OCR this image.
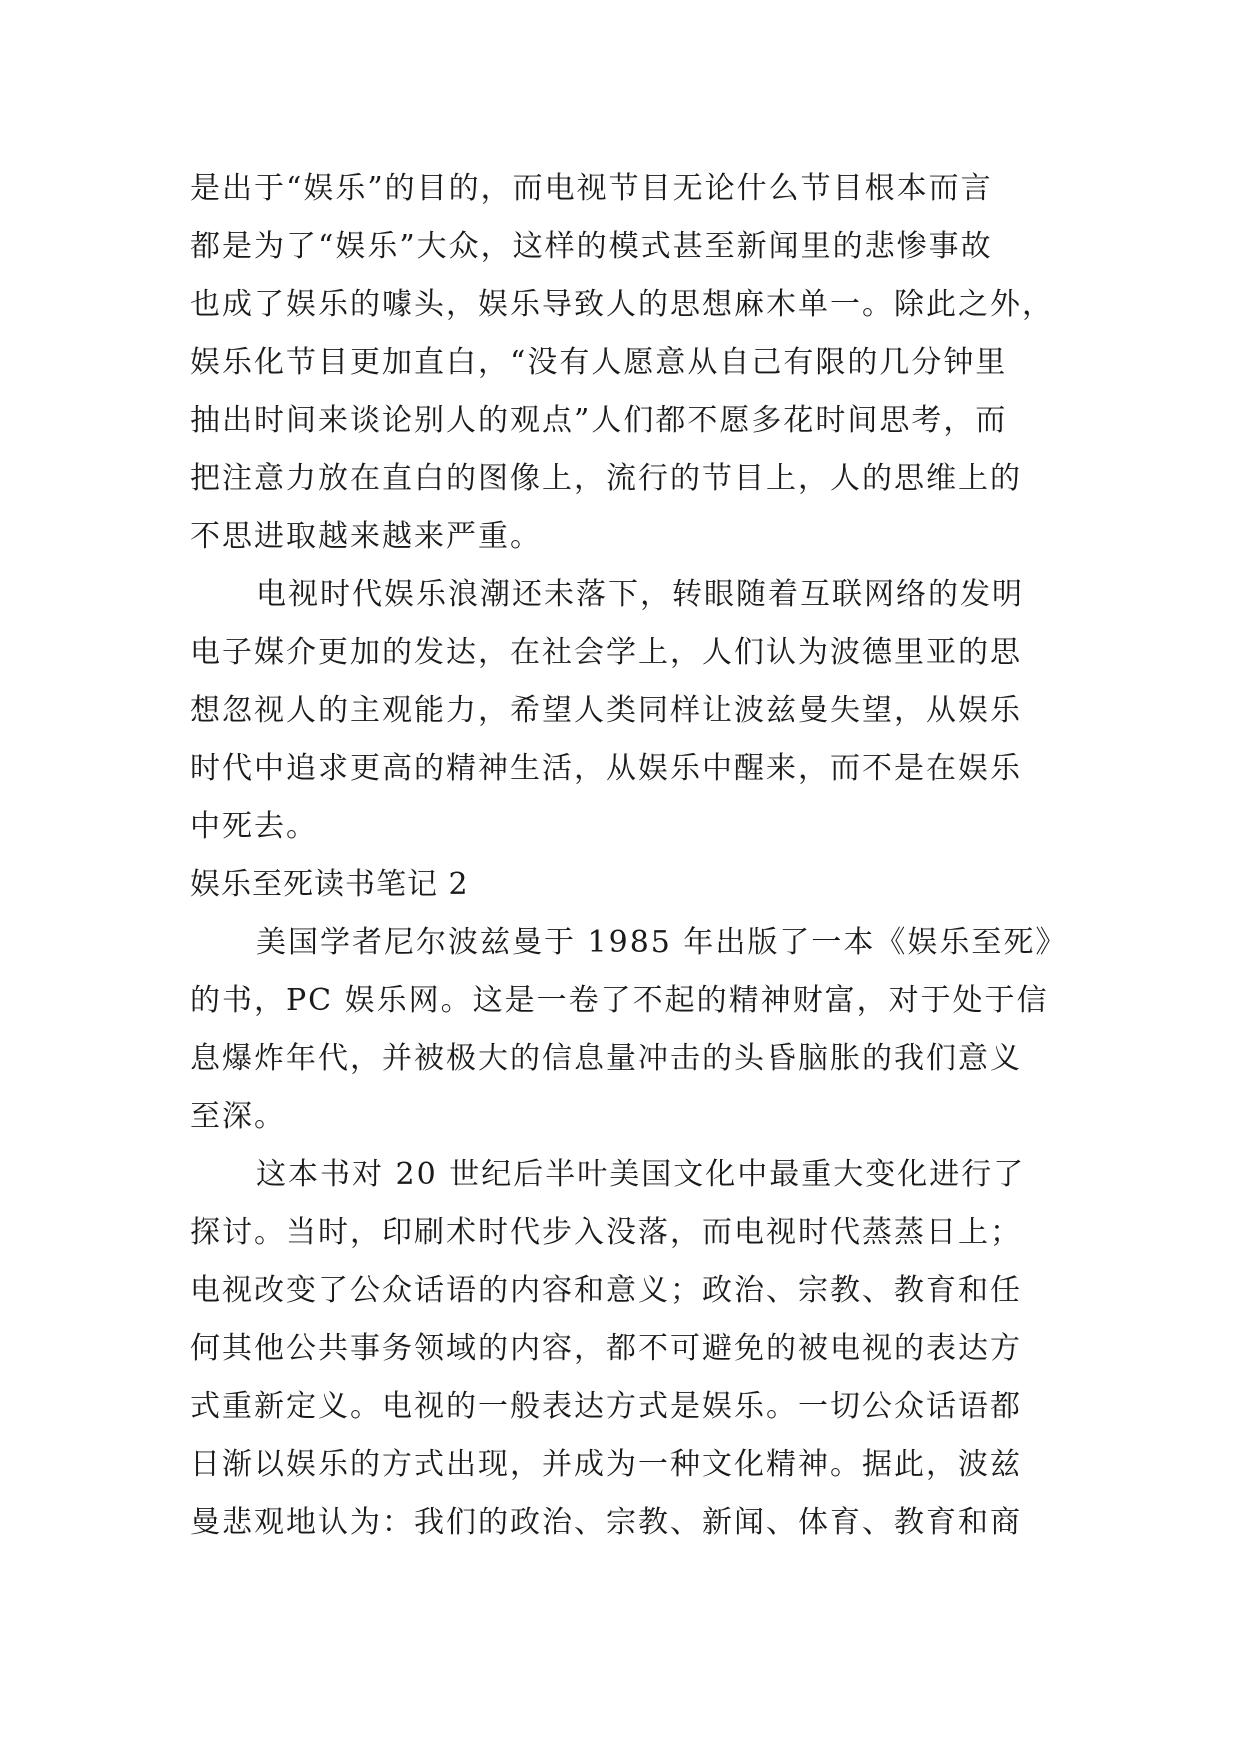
是出于“娱乐”的目的，而电视节目无论什么节目根本而言
都是为了“娱乐”大众，这样的模式甚至新闻里的悲惨事故
也成了娱乐的噱头，娱乐导致人的思想麻木单一。除此之外，
娱乐化节目更加直白，“没有人愿意从自己有限的几分钟里
抽出时间来谈论别人的观点”人们都不愿多花时间思考，而
把注意力放在直白的图像上，流行的节目上，人的思维上的
不思进取越来越来严重。
电视时代娱乐浪潮还未落下，转眼随着互联网络的发明
电子媒介更加的发达，在社会学上，人们认为波德里亚的思
想忽视人的主观能力，希望人类同样让波兹曼失望，从娱乐
时代中追求更高的精神生活，从娱乐中醒来，而不是在娱乐
中死去。
娱乐至死读书笔记 2
美国学者尼尔波兹曼于 1985 年出版了一本《娱乐至死》
的书，PC 娱乐网。这是一卷了不起的精神财富，对于处于信
息爆炸年代，并被极大的信息量冲击的头昏脑胀的我们意义
至深。
这本书对 20 世纪后半叶美国文化中最重大变化进行了
探讨。当时，印刷术时代步入没落，而电视时代蒸蒸日上；
电视改变了公众话语的内容和意义；政治、宗教、教育和任
何其他公共事务领域的内容，都不可避免的被电视的表达方
式重新定义。电视的一般表达方式是娱乐。一切公众话语都
日渐以娱乐的方式出现，并成为一种文化精神。据此，波兹
曼悲观地认为：我们的政治、宗教、新闻、体育、教育和商
